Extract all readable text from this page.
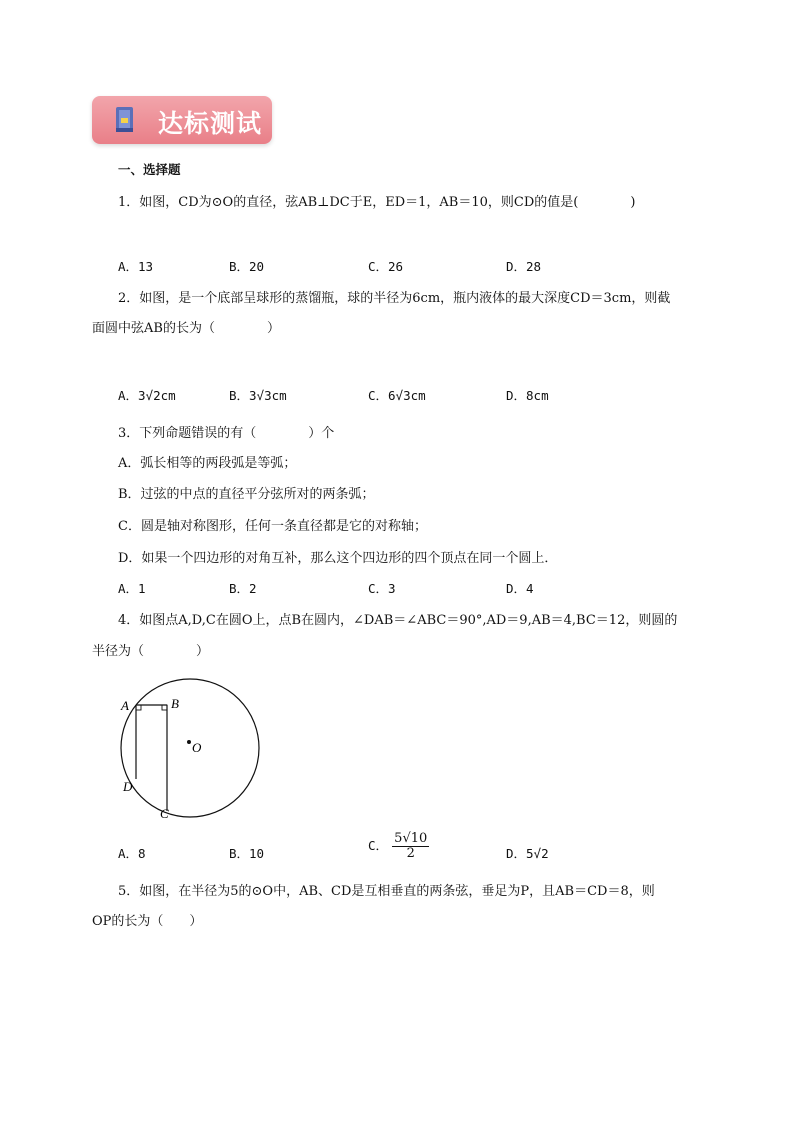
达标测试
一、选择题
1．如图，CD为⊙O的直径，弦AB⊥DC于E，ED＝1，AB＝10，则CD的值是(　　　　)
A．13	B．20	C．26	D．28
2．如图，是一个底部呈球形的蒸馏瓶，球的半径为6cm，瓶内液体的最大深度CD＝3cm，则截
面圆中弦AB的长为（　　　　）
A．3√2cm	B．3√3cm	C．6√3cm	D．8cm
3．下列命题错误的有（　　　　）个
A．弧长相等的两段弧是等弧；
B．过弦的中点的直径平分弦所对的两条弧；
C．圆是轴对称图形，任何一条直径都是它的对称轴；
D．如果一个四边形的对角互补，那么这个四边形的四个顶点在同一个圆上．
A．1	B．2	C．3	D．4
4．如图点A,D,C在圆O上，点B在圆内，∠DAB＝∠ABC＝90°,AD＝9,AB＝4,BC＝12，则圆的
半径为（　　　　）
A	B
O
D
C
A．8	B．10
C． $\frac{5√10}{2}$	D．5√2
5．如图，在半径为5的⊙O中，AB、CD是互相垂直的两条弦，垂足为P，且AB＝CD＝8，则
OP的长为（　　）
